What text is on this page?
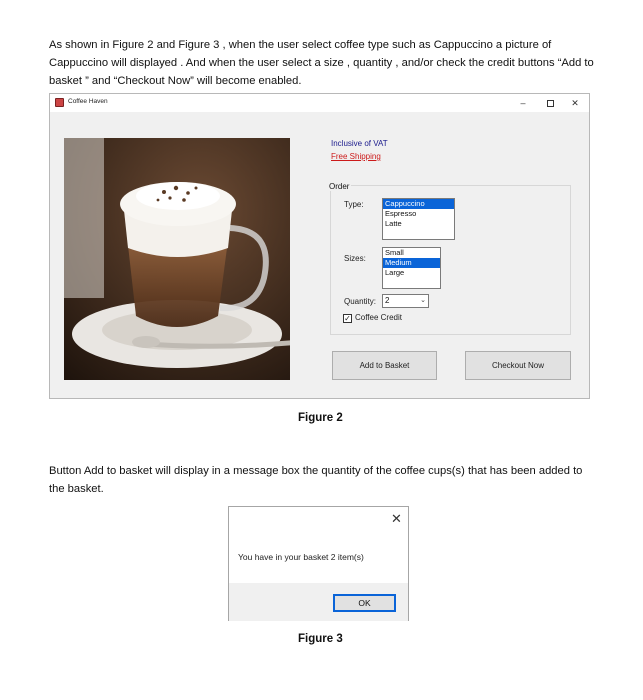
As shown in Figure 2 and Figure 3 , when the user select coffee type such as Cappuccino a picture of Cappuccino will displayed . And when the user select a size , quantity , and/or check the credit buttons “Add to basket ” and “Checkout Now” will become enabled.
Coffee Haven	–	✕
Inclusive of VAT
Free Shipping
Order
Type:	Cappuccino
Espresso
Latte
Sizes:
Small
Medium
Large
Quantity:	2	⌄
✓ Coffee Credit
Add to Basket	Checkout Now
Figure 2
Button Add to basket will display in a message box the quantity of the coffee cups(s) that has been added to the basket.
✕
You have in your basket 2 item(s)
OK
Figure 3
